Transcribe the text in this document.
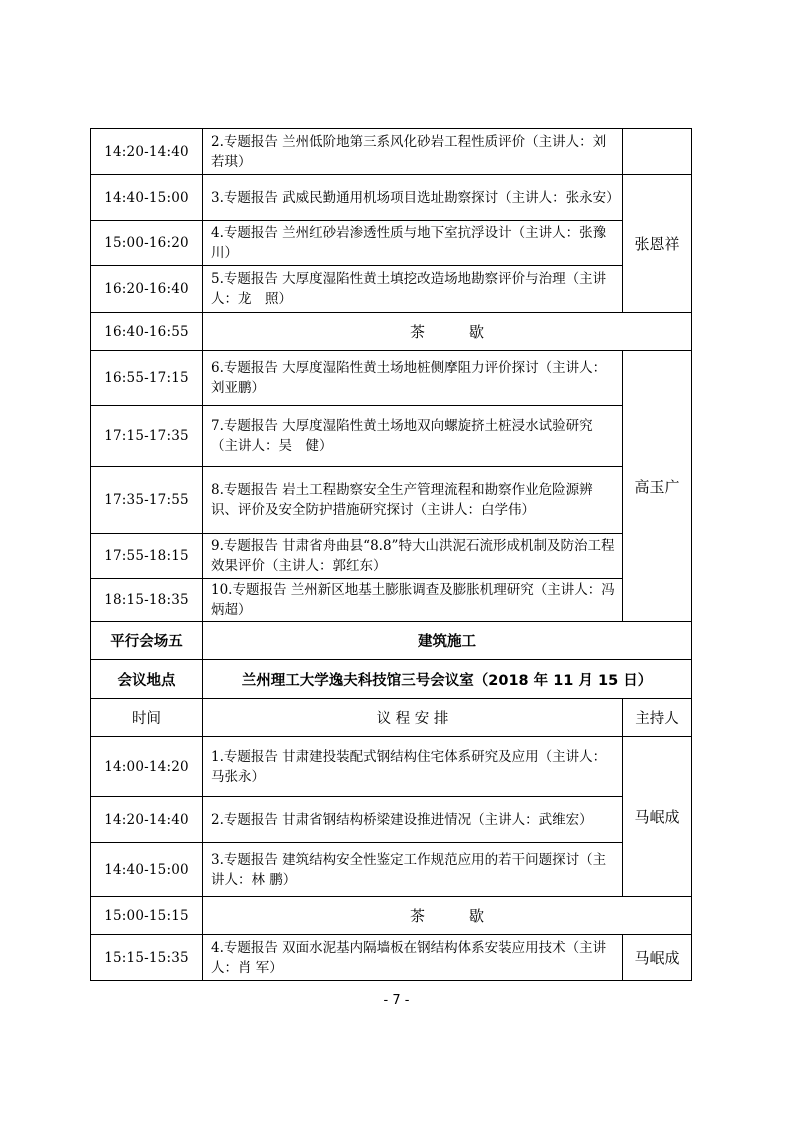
14:20-14:40	2.专题报告 兰州低阶地第三系风化砂岩工程性质评价（主讲人：刘若琪）	
14:40-15:00	3.专题报告 武威民勤通用机场项目选址勘察探讨（主讲人：张永安）	张恩祥
15:00-16:20	4.专题报告 兰州红砂岩渗透性质与地下室抗浮设计（主讲人：张豫川）	
16:20-16:40	5.专题报告 大厚度湿陷性黄土填挖改造场地勘察评价与治理（主讲人：龙　照）	
16:40-16:55	茶 歇	
16:55-17:15	6.专题报告 大厚度湿陷性黄土场地桩侧摩阻力评价探讨（主讲人：刘亚鹏）	高玉广
17:15-17:35	7.专题报告 大厚度湿陷性黄土场地双向螺旋挤土桩浸水试验研究（主讲人：吴　健）	
17:35-17:55	8.专题报告 岩土工程勘察安全生产管理流程和勘察作业危险源辨识、评价及安全防护措施研究探讨（主讲人：白学伟）	
17:55-18:15	9.专题报告 甘肃省舟曲县“8.8”特大山洪泥石流形成机制及防治工程效果评价（主讲人：郭红东）	
18:15-18:35	10.专题报告 兰州新区地基土膨胀调查及膨胀机理研究（主讲人：冯炳超）	
平行会场五	建筑施工	
会议地点	兰州理工大学逸夫科技馆三号会议室（2018 年 11 月 15 日）	
时间	议 程 安 排	主持人
14:00-14:20	1.专题报告 甘肃建投装配式钢结构住宅体系研究及应用（主讲人：马张永）	马岷成
14:20-14:40	2.专题报告 甘肃省钢结构桥梁建设推进情况（主讲人：武维宏）	
14:40-15:00	3.专题报告 建筑结构安全性鉴定工作规范应用的若干问题探讨（主讲人：林 鹏）	
15:00-15:15	茶 歇	
15:15-15:35	4.专题报告 双面水泥基内隔墙板在钢结构体系安装应用技术（主讲人：肖 军）	马岷成
- 7 -
